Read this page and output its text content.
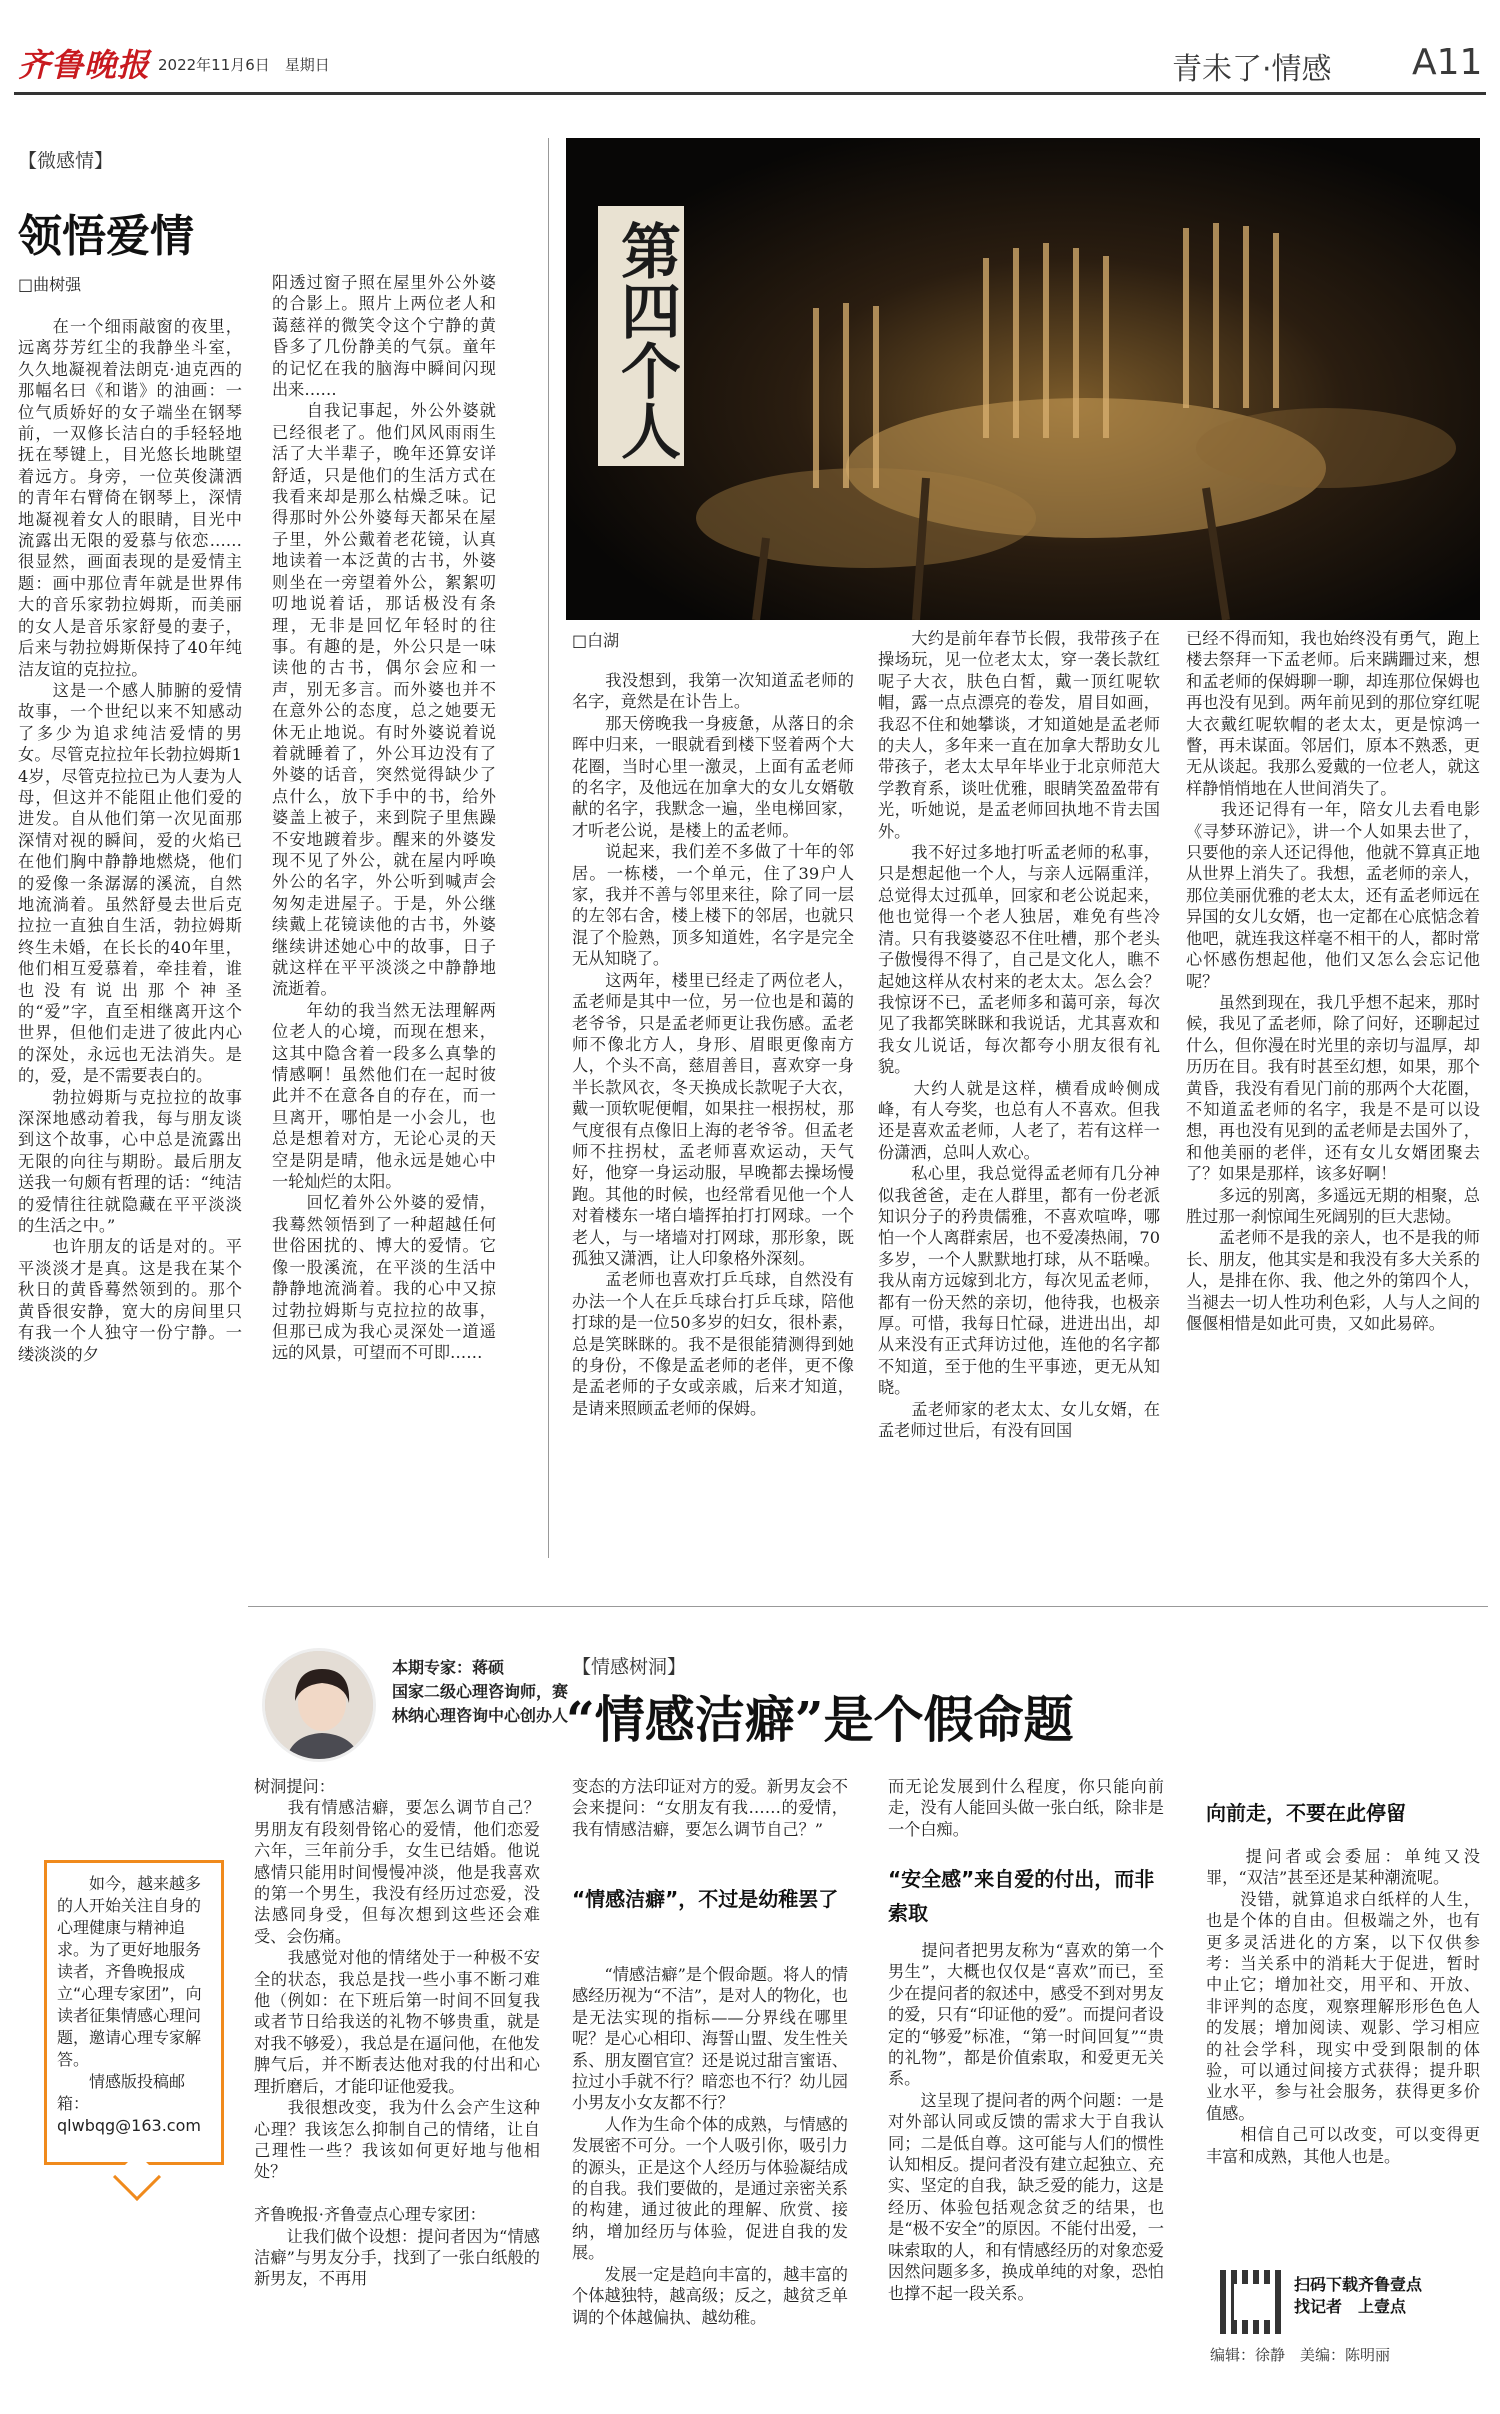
齐鲁晚报 2022年11月6日　星期日	青未了·情感 A11
【微感情】
领悟爱情
□曲树强
　　在一个细雨敲窗的夜里，远离芬芳红尘的我静坐斗室，久久地凝视着法朗克·迪克西的那幅名曰《和谐》的油画：一位气质娇好的女子端坐在钢琴前，一双修长洁白的手轻轻地抚在琴键上，目光悠长地眺望着远方。身旁，一位英俊潇洒的青年右臂倚在钢琴上，深情地凝视着女人的眼睛，目光中流露出无限的爱慕与依恋……很显然，画面表现的是爱情主题：画中那位青年就是世界伟大的音乐家勃拉姆斯，而美丽的女人是音乐家舒曼的妻子，后来与勃拉姆斯保持了40年纯洁友谊的克拉拉。
　　这是一个感人肺腑的爱情故事，一个世纪以来不知感动了多少为追求纯洁爱情的男女。尽管克拉拉年长勃拉姆斯14岁，尽管克拉拉已为人妻为人母，但这并不能阻止他们爱的进发。自从他们第一次见面那深情对视的瞬间，爱的火焰已在他们胸中静静地燃烧，他们的爱像一条潺潺的溪流，自然地流淌着。虽然舒曼去世后克拉拉一直独自生活，勃拉姆斯终生未婚，在长长的40年里，他们相互爱慕着，牵挂着，谁也没有说出那个神圣的“爱”字，直至相继离开这个世界，但他们走进了彼此内心的深处，永远也无法消失。是的，爱，是不需要表白的。
　　勃拉姆斯与克拉拉的故事深深地感动着我，每与朋友谈到这个故事，心中总是流露出无限的向往与期盼。最后朋友送我一句颇有哲理的话：“纯洁的爱情往往就隐藏在平平淡淡的生活之中。”
　　也许朋友的话是对的。平平淡淡才是真。这是我在某个秋日的黄昏蓦然领到的。那个黄昏很安静，宽大的房间里只有我一个人独守一份宁静。一缕淡淡的夕
阳透过窗子照在屋里外公外婆的合影上。照片上两位老人和蔼慈祥的微笑令这个宁静的黄昏多了几份静美的气氛。童年的记忆在我的脑海中瞬间闪现出来……
　　自我记事起，外公外婆就已经很老了。他们风风雨雨生活了大半辈子，晚年还算安详舒适，只是他们的生活方式在我看来却是那么枯燥乏味。记得那时外公外婆每天都呆在屋子里，外公戴着老花镜，认真地读着一本泛黄的古书，外婆则坐在一旁望着外公，絮絮叨叨地说着话，那话极没有条理，无非是回忆年轻时的往事。有趣的是，外公只是一味读他的古书，偶尔会应和一声，别无多言。而外婆也并不在意外公的态度，总之她要无休无止地说。有时外婆说着说着就睡着了，外公耳边没有了外婆的话音，突然觉得缺少了点什么，放下手中的书，给外婆盖上被子，来到院子里焦躁不安地踱着步。醒来的外婆发现不见了外公，就在屋内呼唤外公的名字，外公听到喊声会匆匆走进屋子。于是，外公继续戴上花镜读他的古书，外婆继续讲述她心中的故事，日子就这样在平平淡淡之中静静地流逝着。
　　年幼的我当然无法理解两位老人的心境，而现在想来，这其中隐含着一段多么真挚的情感啊！虽然他们在一起时彼此并不在意各自的存在，而一旦离开，哪怕是一小会儿，也总是想着对方，无论心灵的天空是阴是晴，他永远是她心中一轮灿烂的太阳。
　　回忆着外公外婆的爱情，我蓦然领悟到了一种超越任何世俗困扰的、博大的爱情。它像一股溪流，在平淡的生活中静静地流淌着。我的心中又掠过勃拉姆斯与克拉拉的故事，但那已成为我心灵深处一道遥远的风景，可望而不可即……
第四个人
□白湖
　　我没想到，我第一次知道孟老师的名字，竟然是在讣告上。
　　那天傍晚我一身疲惫，从落日的余晖中归来，一眼就看到楼下竖着两个大花圈，当时心里一激灵，上面有孟老师的名字，及他远在加拿大的女儿女婿敬献的名字，我默念一遍，坐电梯回家，才听老公说，是楼上的孟老师。
　　说起来，我们差不多做了十年的邻居。一栋楼，一个单元，住了39户人家，我并不善与邻里来往，除了同一层的左邻右舍，楼上楼下的邻居，也就只混了个脸熟，顶多知道姓，名字是完全无从知晓了。
　　这两年，楼里已经走了两位老人，孟老师是其中一位，另一位也是和蔼的老爷爷，只是孟老师更让我伤感。孟老师不像北方人，身形、眉眼更像南方人，个头不高，慈眉善目，喜欢穿一身半长款风衣，冬天换成长款呢子大衣，戴一顶软呢便帽，如果拄一根拐杖，那气度很有点像旧上海的老爷爷。但孟老师不拄拐杖，孟老师喜欢运动，天气好，他穿一身运动服，早晚都去操场慢跑。其他的时候，也经常看见他一个人对着楼东一堵白墙挥拍打打网球。一个老人，与一堵墙对打网球，那形象，既孤独又潇洒，让人印象格外深刻。
　　孟老师也喜欢打乒乓球，自然没有办法一个人在乒乓球台打乒乓球，陪他打球的是一位50多岁的妇女，很朴素，总是笑眯眯的。我不是很能猜测得到她的身份，不像是孟老师的老伴，更不像是孟老师的子女或亲戚，后来才知道，是请来照顾孟老师的保姆。
　　大约是前年春节长假，我带孩子在操场玩，见一位老太太，穿一袭长款红呢子大衣，肤色白皙，戴一顶红呢软帽，露一点点漂亮的卷发，眉目如画，我忍不住和她攀谈，才知道她是孟老师的夫人，多年来一直在加拿大帮助女儿带孩子，老太太早年毕业于北京师范大学教育系，谈吐优雅，眼睛笑盈盈带有光，听她说，是孟老师回执地不肯去国外。
　　我不好过多地打听孟老师的私事，只是想起他一个人，与亲人远隔重洋，总觉得太过孤单，回家和老公说起来，他也觉得一个老人独居，难免有些冷清。只有我婆婆忍不住吐槽，那个老头子傲慢得不得了，自己是文化人，瞧不起她这样从农村来的老太太。怎么会？我惊讶不已，孟老师多和蔼可亲，每次见了我都笑眯眯和我说话，尤其喜欢和我女儿说话，每次都夸小朋友很有礼貌。
　　大约人就是这样，横看成岭侧成峰，有人夸奖，也总有人不喜欢。但我还是喜欢孟老师，人老了，若有这样一份潇洒，总叫人欢心。
　　私心里，我总觉得孟老师有几分神似我爸爸，走在人群里，都有一份老派知识分子的矜贵儒雅，不喜欢喧哗，哪怕一个人离群索居，也不爱凑热闹，70多岁，一个人默默地打球，从不聒噪。我从南方远嫁到北方，每次见孟老师，都有一份天然的亲切，他待我，也极亲厚。可惜，我每日忙碌，进进出出，却从来没有正式拜访过他，连他的名字都不知道，至于他的生平事迹，更无从知晓。
　　孟老师家的老太太、女儿女婿，在孟老师过世后，有没有回国
已经不得而知，我也始终没有勇气，跑上楼去祭拜一下孟老师。后来蹒跚过来，想和孟老师的保姆聊一聊，却连那位保姆也再也没有见到。两年前见到的那位穿红呢大衣戴红呢软帽的老太太，更是惊鸿一瞥，再未谋面。邻居们，原本不熟悉，更无从谈起。我那么爱戴的一位老人，就这样静悄悄地在人世间消失了。
　　我还记得有一年，陪女儿去看电影《寻梦环游记》，讲一个人如果去世了，只要他的亲人还记得他，他就不算真正地从世界上消失了。我想，孟老师的亲人，那位美丽优雅的老太太，还有孟老师远在异国的女儿女婿，也一定都在心底惦念着他吧，就连我这样毫不相干的人，都时常心怀感伤想起他，他们又怎么会忘记他呢？
　　虽然到现在，我几乎想不起来，那时候，我见了孟老师，除了问好，还聊起过什么，但你漫在时光里的亲切与温厚，却历历在目。我有时甚至幻想，如果，那个黄昏，我没有看见门前的那两个大花圈，不知道孟老师的名字，我是不是可以设想，再也没有见到的孟老师是去国外了，和他美丽的老伴，还有女儿女婿团聚去了？如果是那样，该多好啊！
　　多远的别离，多遥远无期的相聚，总胜过那一刹惊闻生死阔别的巨大悲恸。
　　孟老师不是我的亲人，也不是我的师长、朋友，他其实是和我没有多大关系的人，是排在你、我、他之外的第四个人，当褪去一切人性功利色彩，人与人之间的偃偃相惜是如此可贵，又如此易碎。
本期专家：蒋硕
国家二级心理咨询师，赛林纳心理咨询中心创办人
【情感树洞】
“情感洁癖”是个假命题
　　如今，越来越多的人开始关注自身的心理健康与精神追求。为了更好地服务读者，齐鲁晚报成立“心理专家团”，向读者征集情感心理问题，邀请心理专家解答。
　　情感版投稿邮箱：qlwbqg@163.com
树洞提问：
　　我有情感洁癖，要怎么调节自己？男朋友有段刻骨铭心的爱情，他们恋爱六年，三年前分手，女生已结婚。他说感情只能用时间慢慢冲淡，他是我喜欢的第一个男生，我没有经历过恋爱，没法感同身受，但每次想到这些还会难受、会伤痛。
　　我感觉对他的情绪处于一种极不安全的状态，我总是找一些小事不断刁难他（例如：在下班后第一时间不回复我或者节日给我送的礼物不够贵重，就是对我不够爱），我总是在逼问他，在他发脾气后，并不断表达他对我的付出和心理折磨后，才能印证他爱我。
　　我很想改变，我为什么会产生这种心理？我该怎么抑制自己的情绪，让自己理性一些？我该如何更好地与他相处？

齐鲁晚报·齐鲁壹点心理专家团：
　　让我们做个设想：提问者因为“情感洁癖”与男友分手，找到了一张白纸般的新男友，不再用
变态的方法印证对方的爱。新男友会不会来提问：“女朋友有我……的爱情，我有情感洁癖，要怎么调节自己？”
“情感洁癖”，不过是幼稚罢了
　　“情感洁癖”是个假命题。将人的情感经历视为“不洁”，是对人的物化，也是无法实现的指标——分界线在哪里呢？是心心相印、海誓山盟、发生性关系、朋友圈官宣？还是说过甜言蜜语、拉过小手就不行？暗恋也不行？幼儿园小男友小女友都不行？
　　人作为生命个体的成熟，与情感的发展密不可分。一个人吸引你，吸引力的源头，正是这个人经历与体验凝结成的自我。我们要做的，是通过亲密关系的构建，通过彼此的理解、欣赏、接纳，增加经历与体验，促进自我的发展。
　　发展一定是趋向丰富的，越丰富的个体越独特，越高级；反之，越贫乏单调的个体越偏执、越幼稚。
而无论发展到什么程度，你只能向前走，没有人能回头做一张白纸，除非是一个白痴。
“安全感”来自爱的付出，而非索取
　　提问者把男友称为“喜欢的第一个男生”，大概也仅仅是“喜欢”而已，至少在提问者的叙述中，感受不到对男友的爱，只有“印证他的爱”。而提问者设定的“够爱”标准，“第一时间回复”“贵的礼物”，都是价值索取，和爱更无关系。
　　这呈现了提问者的两个问题：一是对外部认同或反馈的需求大于自我认同；二是低自尊。这可能与人们的惯性认知相反。提问者没有建立起独立、充实、坚定的自我，缺乏爱的能力，这是经历、体验包括观念贫乏的结果，也是“极不安全”的原因。不能付出爱，一味索取的人，和有情感经历的对象恋爱因然问题多多，换成单纯的对象，恐怕也撑不起一段关系。
向前走，不要在此停留
　　提问者或会委屈：单纯又没罪，“双洁”甚至还是某种潮流呢。
　　没错，就算追求白纸样的人生，也是个体的自由。但极端之外，也有更多灵活进化的方案，以下仅供参考：当关系中的消耗大于促进，暂时中止它；增加社交，用平和、开放、非评判的态度，观察理解形形色色人的发展；增加阅读、观影、学习相应的社会学科，现实中受到限制的体验，可以通过间接方式获得；提升职业水平，参与社会服务，获得更多价值感。
　　相信自己可以改变，可以变得更丰富和成熟，其他人也是。
扫码下载齐鲁壹点
找记者　上壹点
编辑：徐静　美编：陈明丽
